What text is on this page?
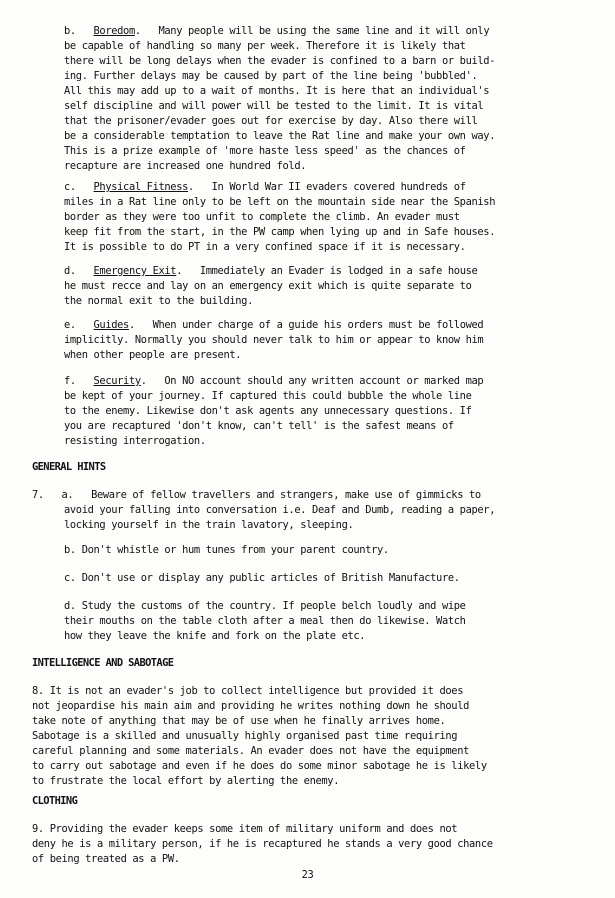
b. Boredom.   Many people will be using the same line and it will only
be capable of handling so many per week. Therefore it is likely that
there will be long delays when the evader is confined to a barn or build-
ing. Further delays may be caused by part of the line being 'bubbled'.
All this may add up to a wait of months. It is here that an individual's
self discipline and will power will be tested to the limit. It is vital
that the prisoner/evader goes out for exercise by day. Also there will
be a considerable temptation to leave the Rat line and make your own way.
This is a prize example of 'more haste less speed' as the chances of
recapture are increased one hundred fold.
c. Physical Fitness.   In World War II evaders covered hundreds of
miles in a Rat line only to be left on the mountain side near the Spanish
border as they were too unfit to complete the climb. An evader must
keep fit from the start, in the PW camp when lying up and in Safe houses.
It is possible to do PT in a very confined space if it is necessary.
d. Emergency Exit.   Immediately an Evader is lodged in a safe house
he must recce and lay on an emergency exit which is quite separate to
the normal exit to the building.
e. Guides.   When under charge of a guide his orders must be followed
implicitly. Normally you should never talk to him or appear to know him
when other people are present.
f. Security.   On NO account should any written account or marked map
be kept of your journey. If captured this could bubble the whole line
to the enemy. Likewise don't ask agents any unnecessary questions. If
you are recaptured 'don't know, can't tell' is the safest means of
resisting interrogation.
GENERAL HINTS
7. a. Beware of fellow travellers and strangers, make use of gimmicks to
avoid your falling into conversation i.e. Deaf and Dumb, reading a paper,
locking yourself in the train lavatory, sleeping.
b. Don't whistle or hum tunes from your parent country.
c. Don't use or display any public articles of British Manufacture.
d. Study the customs of the country. If people belch loudly and wipe
their mouths on the table cloth after a meal then do likewise. Watch
how they leave the knife and fork on the plate etc.
INTELLIGENCE AND SABOTAGE
8. It is not an evader's job to collect intelligence but provided it does
not jeopardise his main aim and providing he writes nothing down he should
take note of anything that may be of use when he finally arrives home.
Sabotage is a skilled and unusually highly organised past time requiring
careful planning and some materials. An evader does not have the equipment
to carry out sabotage and even if he does do some minor sabotage he is likely
to frustrate the local effort by alerting the enemy.
CLOTHING
9. Providing the evader keeps some item of military uniform and does not
deny he is a military person, if he is recaptured he stands a very good chance
of being treated as a PW.
23
